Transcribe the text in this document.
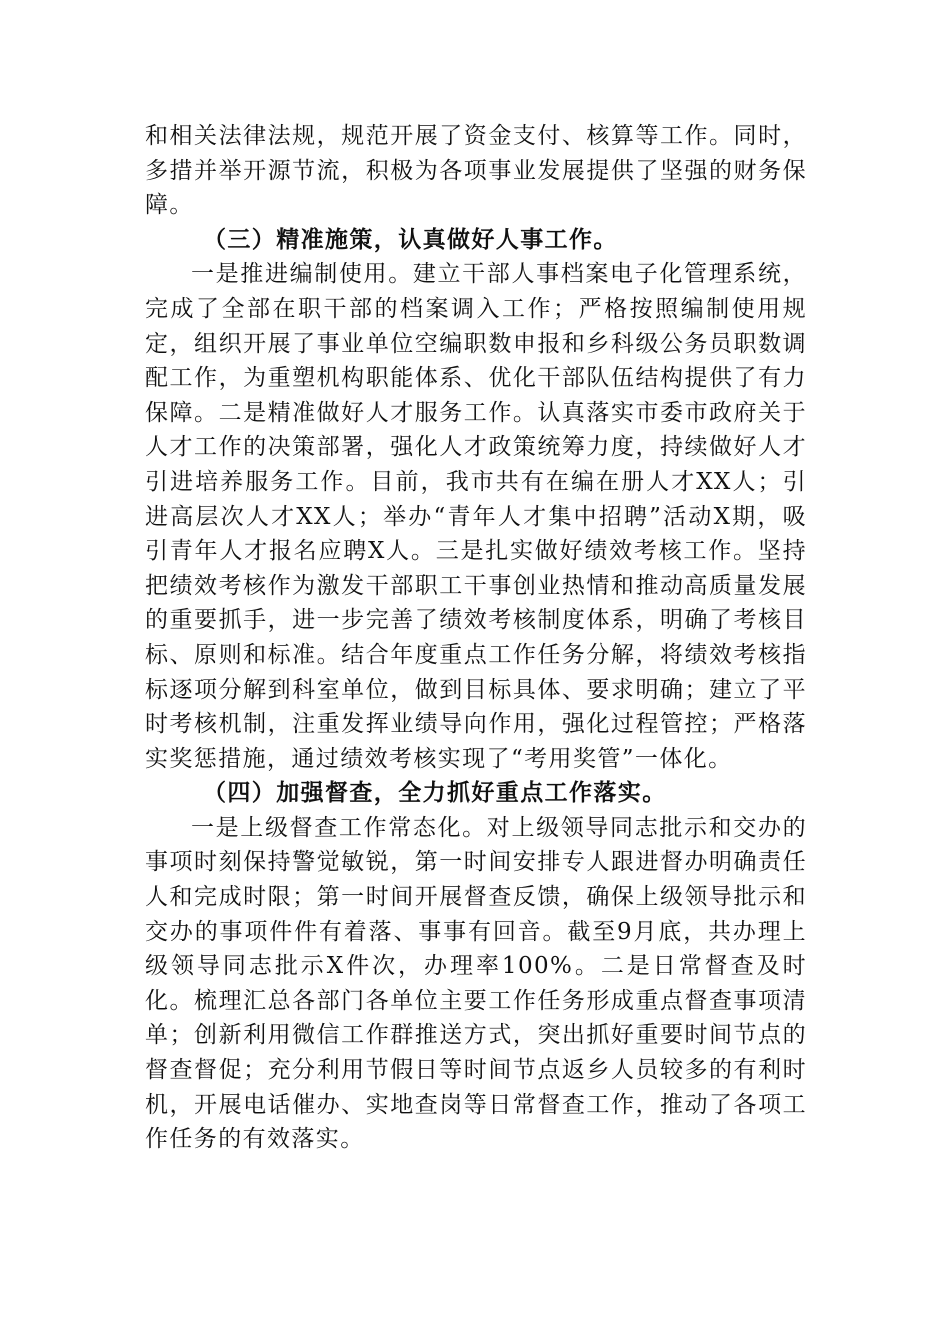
和相关法律法规，规范开展了资金支付、核算等工作。同时，多措并举开源节流，积极为各项事业发展提供了坚强的财务保障。

（三）精准施策，认真做好人事工作。

一是推进编制使用。建立干部人事档案电子化管理系统，完成了全部在职干部的档案调入工作；严格按照编制使用规定，组织开展了事业单位空编职数申报和乡科级公务员职数调配工作，为重塑机构职能体系、优化干部队伍结构提供了有力保障。二是精准做好人才服务工作。认真落实市委市政府关于人才工作的决策部署，强化人才政策统筹力度，持续做好人才引进培养服务工作。目前，我市共有在编在册人才XX人；引进高层次人才XX人；举办“青年人才集中招聘”活动X期，吸引青年人才报名应聘X人。三是扎实做好绩效考核工作。坚持把绩效考核作为激发干部职工干事创业热情和推动高质量发展的重要抓手，进一步完善了绩效考核制度体系，明确了考核目标、原则和标准。结合年度重点工作任务分解，将绩效考核指标逐项分解到科室单位，做到目标具体、要求明确；建立了平时考核机制，注重发挥业绩导向作用，强化过程管控；严格落实奖惩措施，通过绩效考核实现了“考用奖管”一体化。

（四）加强督查，全力抓好重点工作落实。

一是上级督查工作常态化。对上级领导同志批示和交办的事项时刻保持警觉敏锐，第一时间安排专人跟进督办明确责任人和完成时限；第一时间开展督查反馈，确保上级领导批示和交办的事项件件有着落、事事有回音。截至9月底，共办理上级领导同志批示X件次，办理率100%。二是日常督查及时化。梳理汇总各部门各单位主要工作任务形成重点督查事项清单；创新利用微信工作群推送方式，突出抓好重要时间节点的督查督促；充分利用节假日等时间节点返乡人员较多的有利时机，开展电话催办、实地查岗等日常督查工作，推动了各项工作任务的有效落实。
